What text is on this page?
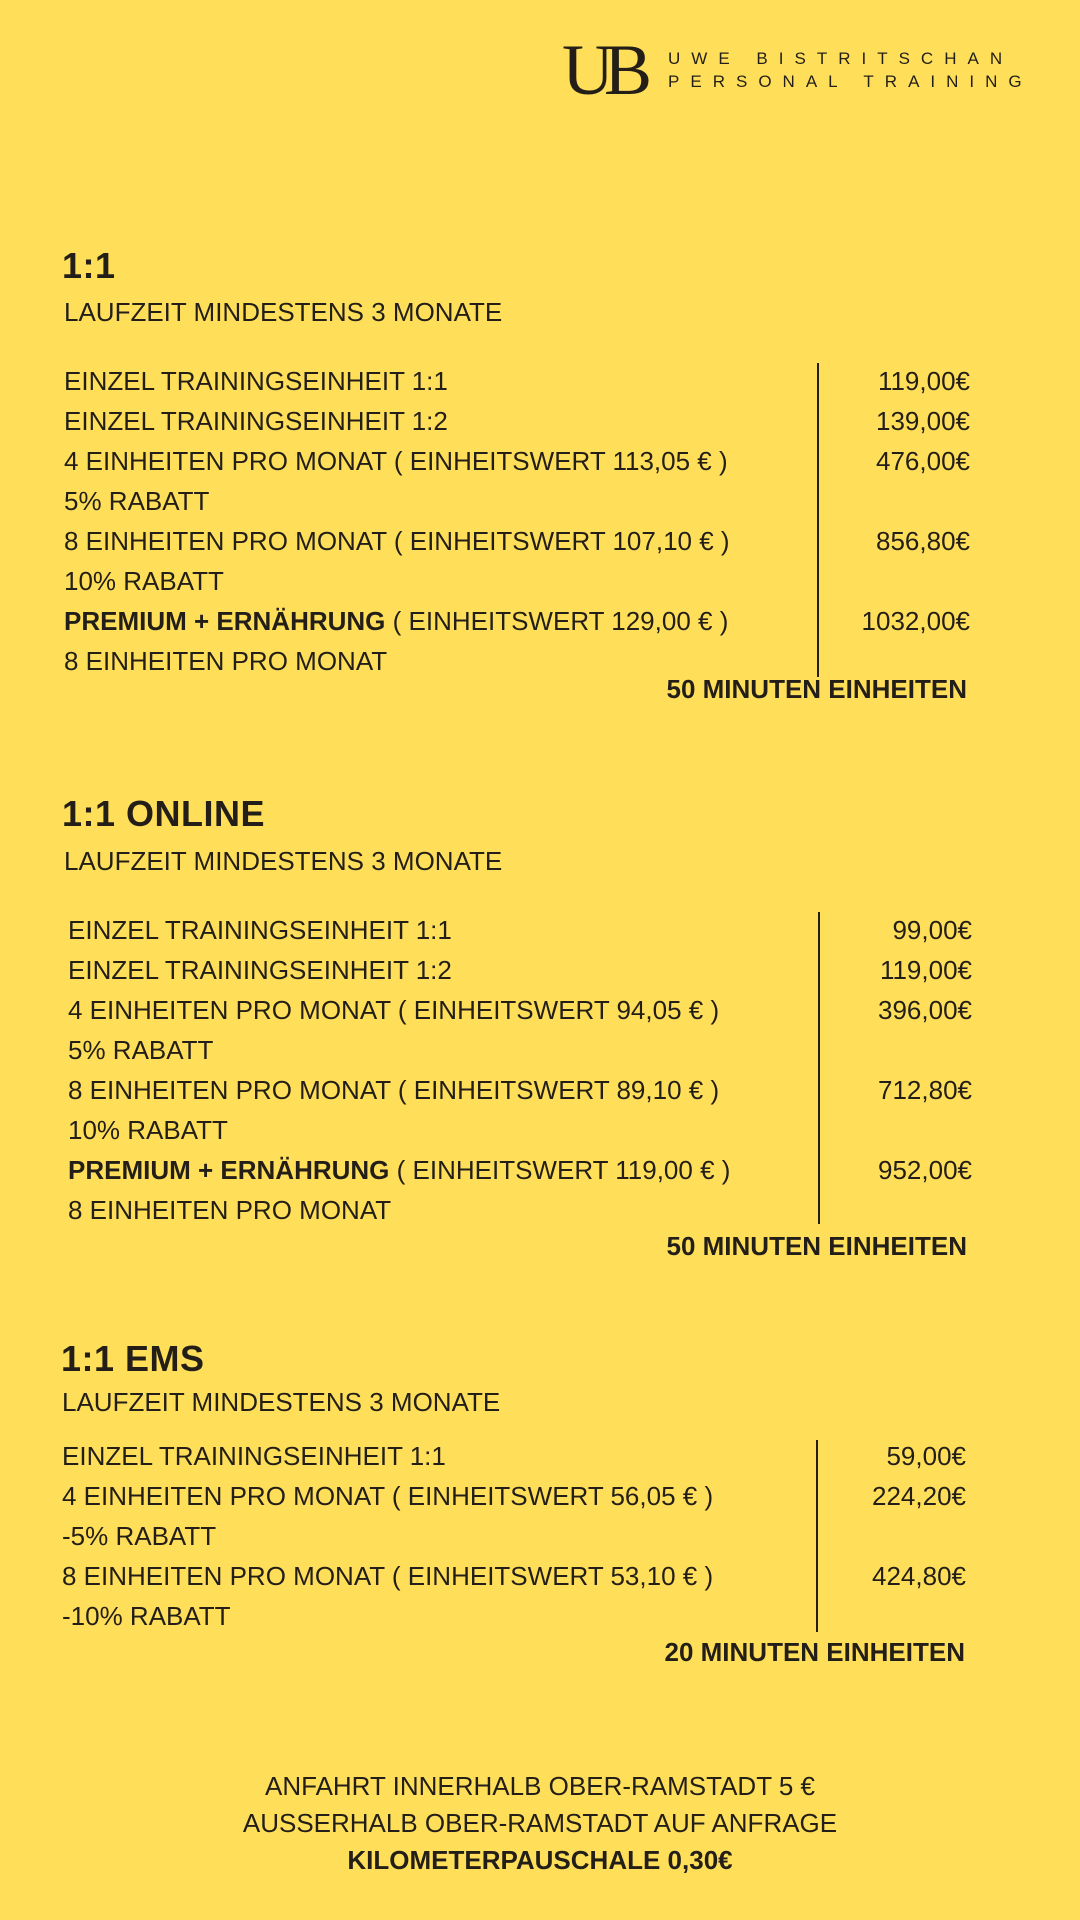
UB UWE BISTRITSCHAN
PERSONAL TRAINING
1:1
LAUFZEIT MINDESTENS 3 MONATE
EINZEL TRAININGSEINHEIT 1:1	119,00€
EINZEL TRAININGSEINHEIT 1:2	139,00€
4 EINHEITEN PRO MONAT ( EINHEITSWERT 113,05 € )	476,00€
5% RABATT
8 EINHEITEN PRO MONAT ( EINHEITSWERT 107,10 € )	856,80€
10% RABATT
PREMIUM + ERNÄHRUNG ( EINHEITSWERT 129,00 € )	1032,00€
8 EINHEITEN PRO MONAT
50 MINUTEN EINHEITEN
1:1 ONLINE
LAUFZEIT MINDESTENS 3 MONATE
EINZEL TRAININGSEINHEIT 1:1	99,00€
EINZEL TRAININGSEINHEIT 1:2	119,00€
4 EINHEITEN PRO MONAT ( EINHEITSWERT 94,05 € )	396,00€
5% RABATT
8 EINHEITEN PRO MONAT ( EINHEITSWERT 89,10 € )	712,80€
10% RABATT
PREMIUM + ERNÄHRUNG ( EINHEITSWERT 119,00 € )	952,00€
8 EINHEITEN PRO MONAT
50 MINUTEN EINHEITEN
1:1 EMS
LAUFZEIT MINDESTENS 3 MONATE
EINZEL TRAININGSEINHEIT 1:1	59,00€
4 EINHEITEN PRO MONAT ( EINHEITSWERT 56,05 € )	224,20€
-5% RABATT
8 EINHEITEN PRO MONAT ( EINHEITSWERT 53,10 € )	424,80€
-10% RABATT
20 MINUTEN EINHEITEN
ANFAHRT INNERHALB OBER-RAMSTADT 5 €
AUSSERHALB OBER-RAMSTADT AUF ANFRAGE
KILOMETERPAUSCHALE 0,30€
